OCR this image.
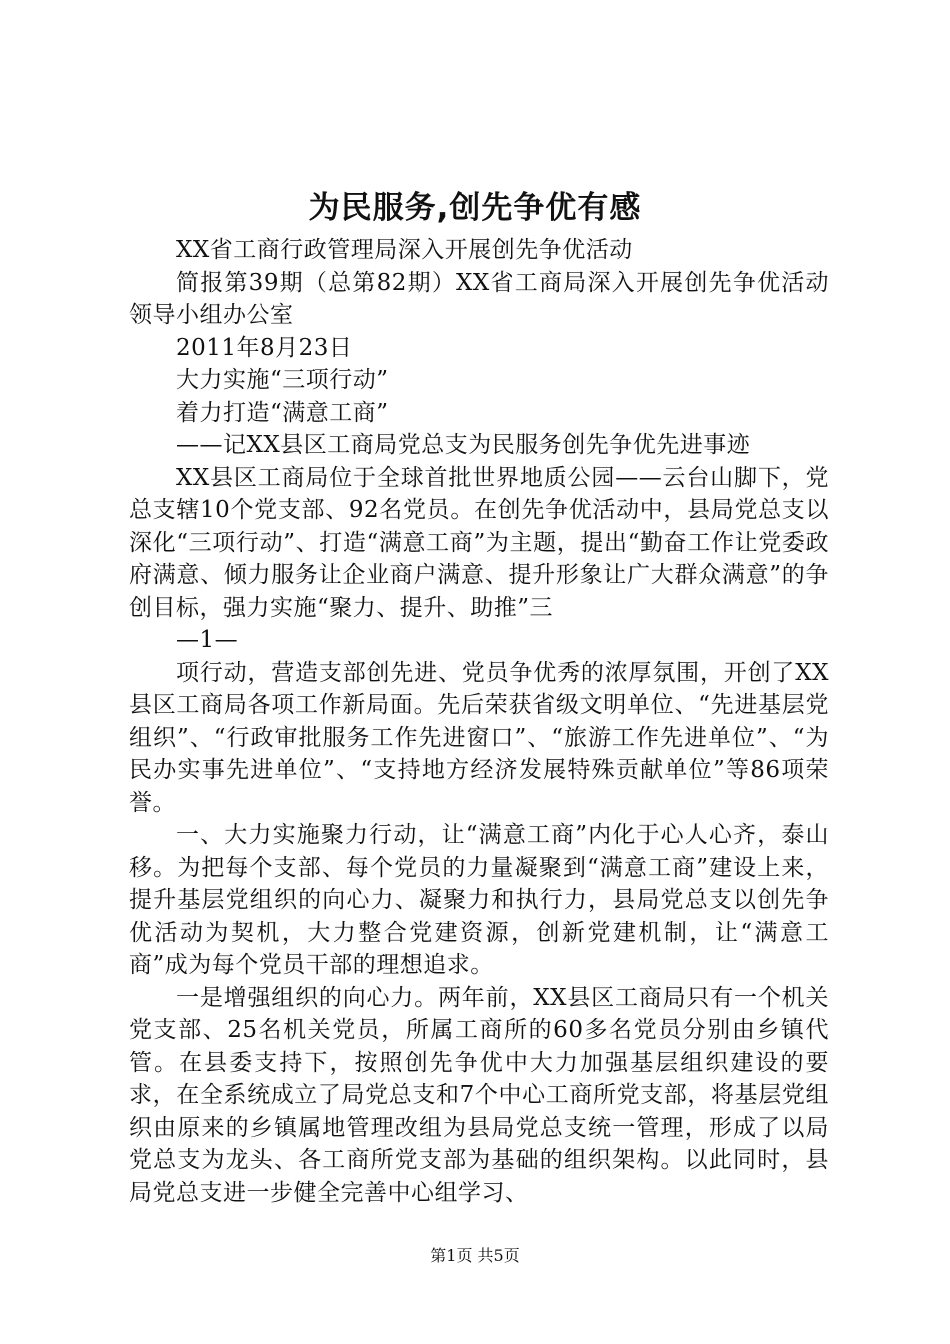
为民服务,创先争优有感

XX省工商行政管理局深入开展创先争优活动

简报第39期（总第82期）XX省工商局深入开展创先争优活动领导小组办公室

2011年8月23日

大力实施“三项行动”

着力打造“满意工商”

——记XX县区工商局党总支为民服务创先争优先进事迹

XX县区工商局位于全球首批世界地质公园——云台山脚下，党总支辖10个党支部、92名党员。在创先争优活动中，县局党总支以深化“三项行动”、打造“满意工商”为主题，提出“勤奋工作让党委政府满意、倾力服务让企业商户满意、提升形象让广大群众满意”的争创目标，强力实施“聚力、提升、助推”三

—1—

项行动，营造支部创先进、党员争优秀的浓厚氛围，开创了XX县区工商局各项工作新局面。先后荣获省级文明单位、“先进基层党组织”、“行政审批服务工作先进窗口”、“旅游工作先进单位”、“为民办实事先进单位”、“支持地方经济发展特殊贡献单位”等86项荣誉。

一、大力实施聚力行动，让“满意工商”内化于心人心齐，泰山移。为把每个支部、每个党员的力量凝聚到“满意工商”建设上来，提升基层党组织的向心力、凝聚力和执行力，县局党总支以创先争优活动为契机，大力整合党建资源，创新党建机制，让“满意工商”成为每个党员干部的理想追求。

一是增强组织的向心力。两年前，XX县区工商局只有一个机关党支部、25名机关党员，所属工商所的60多名党员分别由乡镇代管。在县委支持下，按照创先争优中大力加强基层组织建设的要求，在全系统成立了局党总支和7个中心工商所党支部，将基层党组织由原来的乡镇属地管理改组为县局党总支统一管理，形成了以局党总支为龙头、各工商所党支部为基础的组织架构。以此同时，县局党总支进一步健全完善中心组学习、

第1页 共5页
